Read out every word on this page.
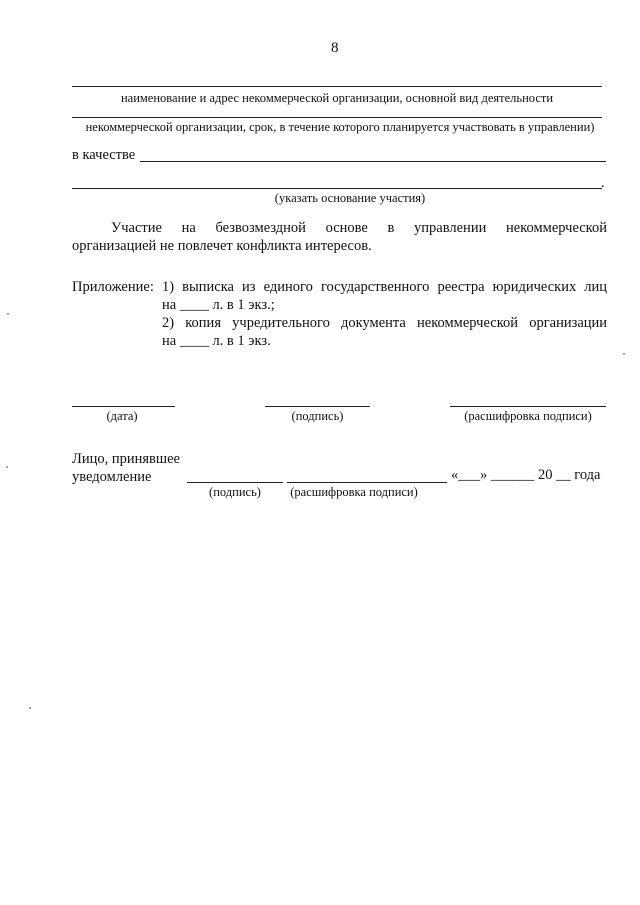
8
наименование и адрес некоммерческой организации, основной вид деятельности
некоммерческой организации, срок, в течение которого планируется участвовать в управлении)
в качестве
.
(указать основание участия)
Участие на безвозмездной основе в управлении некоммерческой
организацией не повлечет конфликта интересов.
Приложение: 1) выписка из единого государственного реестра юридических лиц
на ____ л. в 1 экз.;
2) копия учредительного документа некоммерческой организации
на ____ л. в 1 экз.
(дата)	(подпись)	(расшифровка подписи)
Лицо, принявшее
уведомление	«___» ______ 20 __ года
(подпись)	(расшифровка подписи)
